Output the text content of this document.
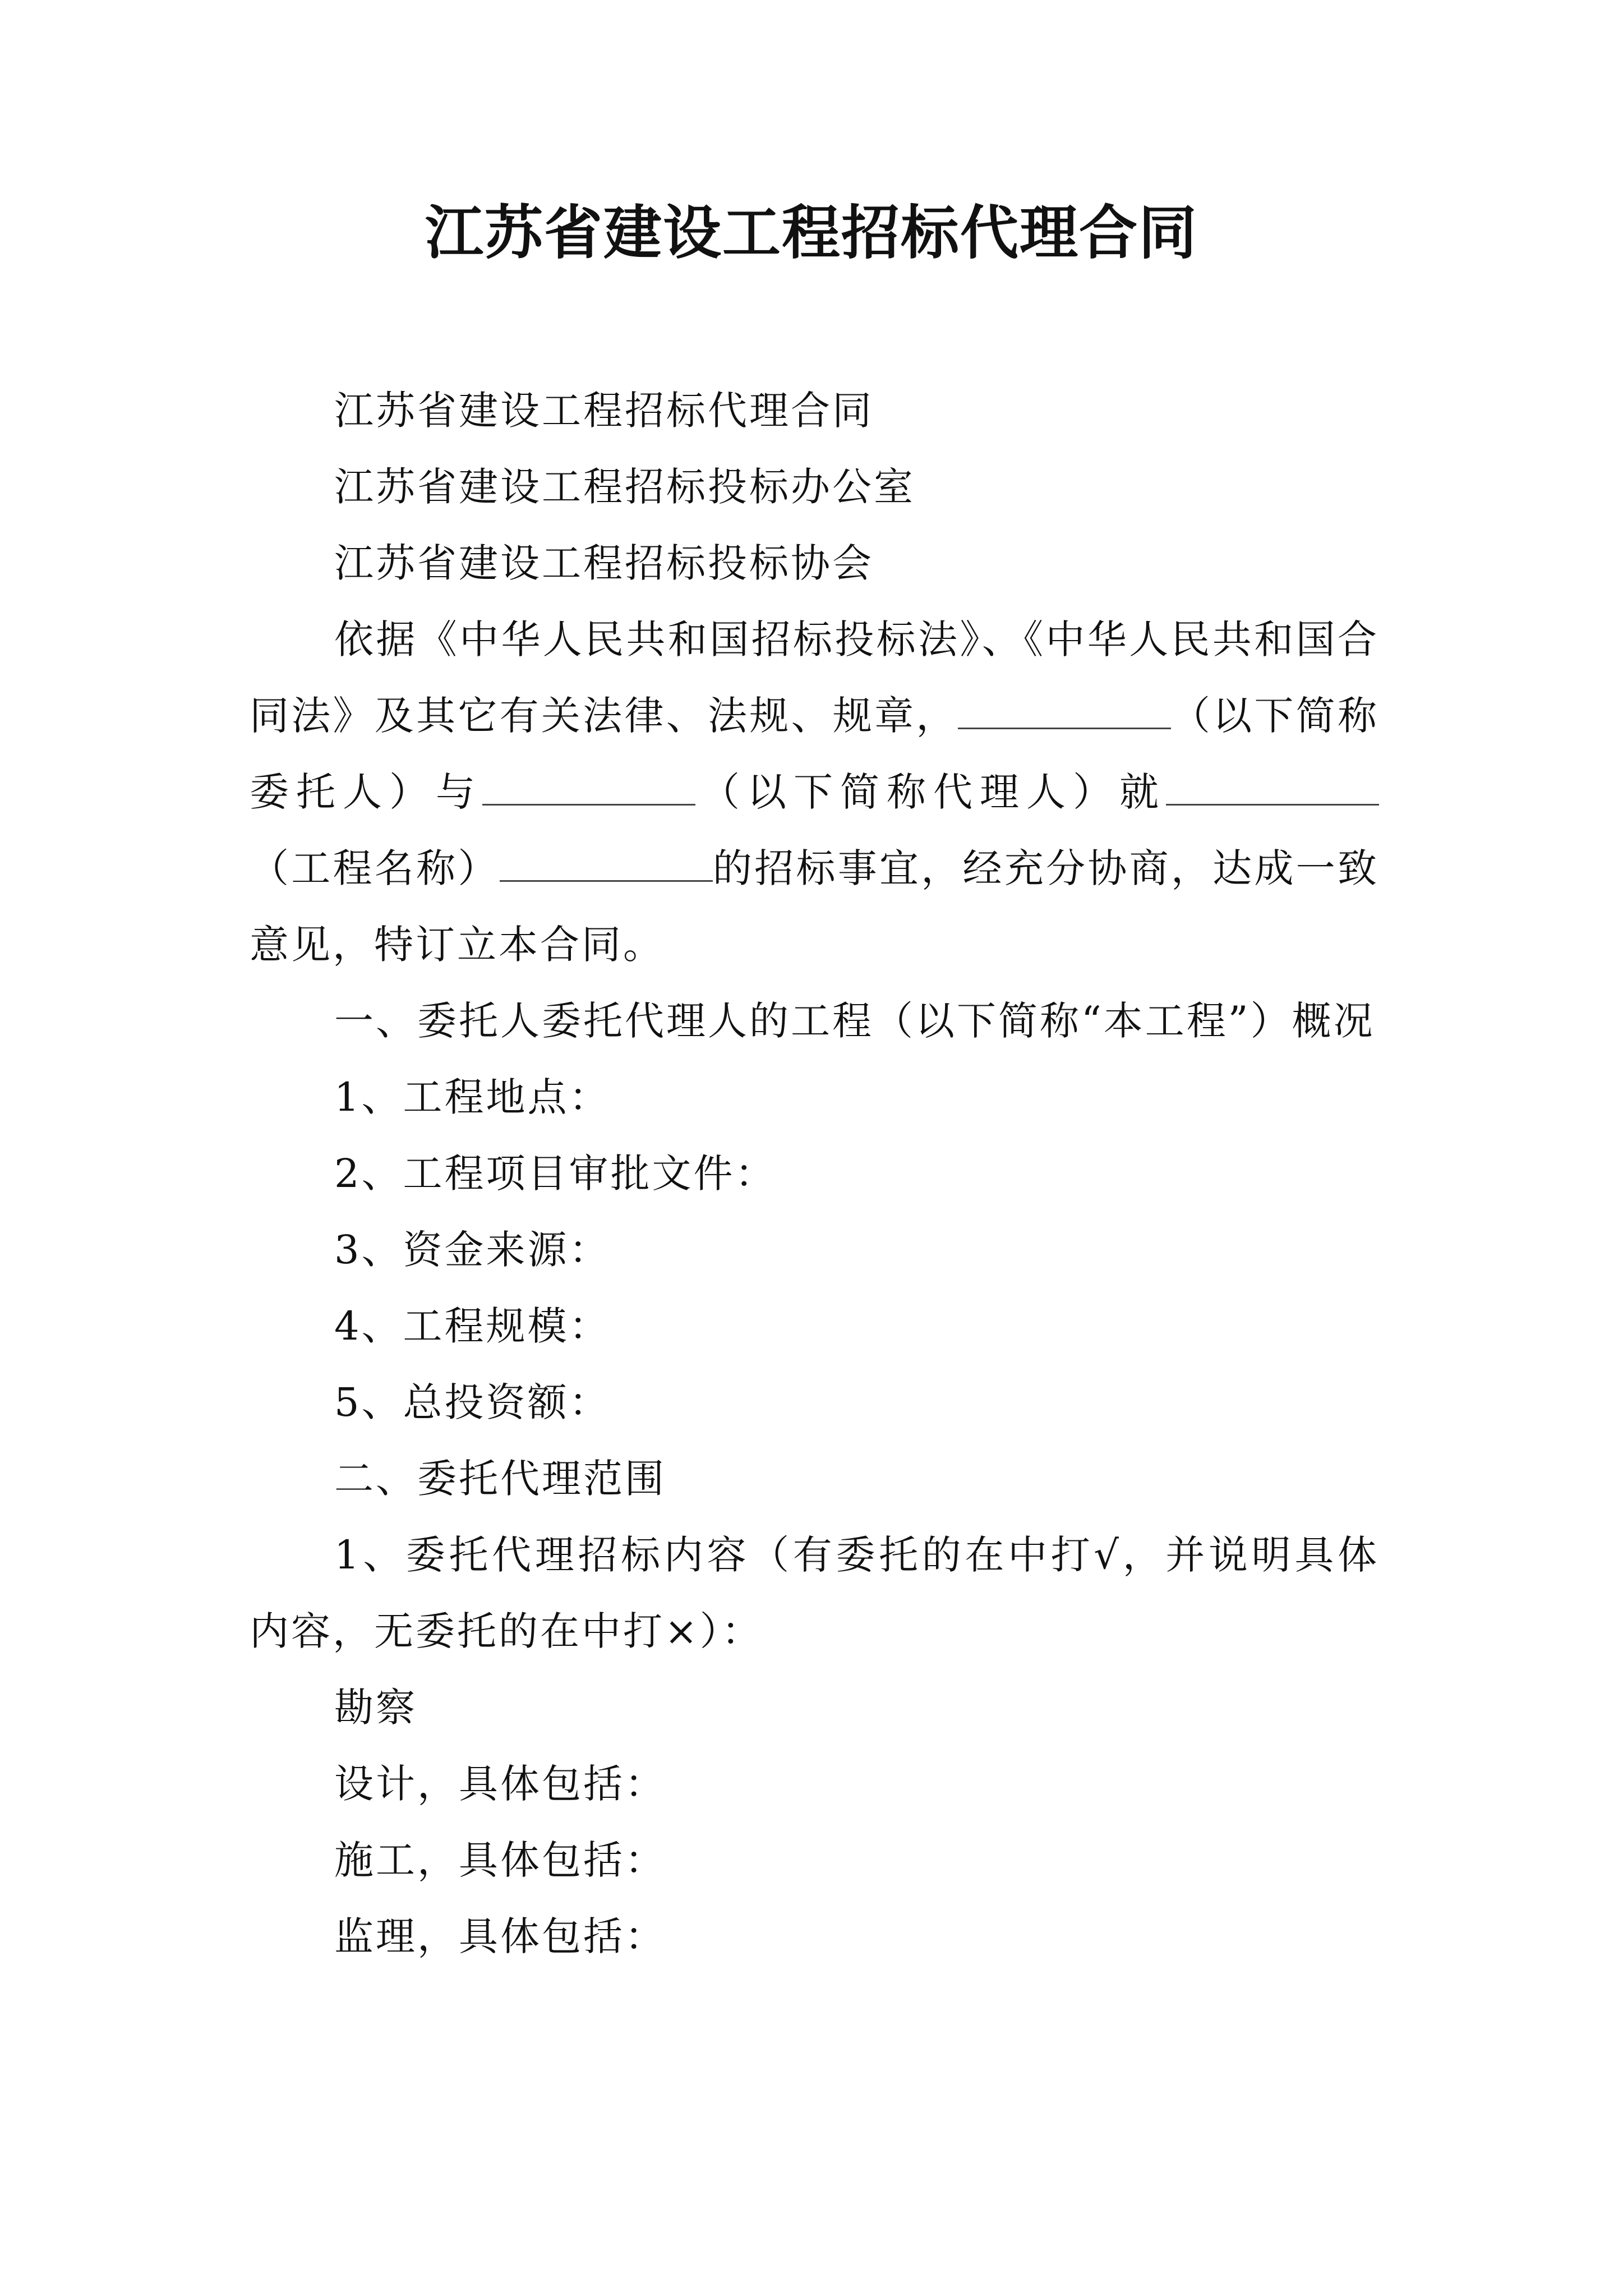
江苏省建设工程招标代理合同

江苏省建设工程招标代理合同

江苏省建设工程招标投标办公室

江苏省建设工程招标投标协会

依据《中华人民共和国招标投标法》、《中华人民共和国合同法》及其它有关法律、法规、规章，	（以下简称委托人）与	（以下简称代理人）就（工程名称）	的招标事宜，经充分协商，达成一致意见，特订立本合同。

一、委托人委托代理人的工程（以下简称“本工程”）概况

1、工程地点：

2、工程项目审批文件：

3、资金来源：

4、工程规模：

5、总投资额：

二、委托代理范围

1、委托代理招标内容（有委托的在中打√，并说明具体内容，无委托的在中打×）：

勘察

设计，具体包括：

施工，具体包括：

监理，具体包括：
